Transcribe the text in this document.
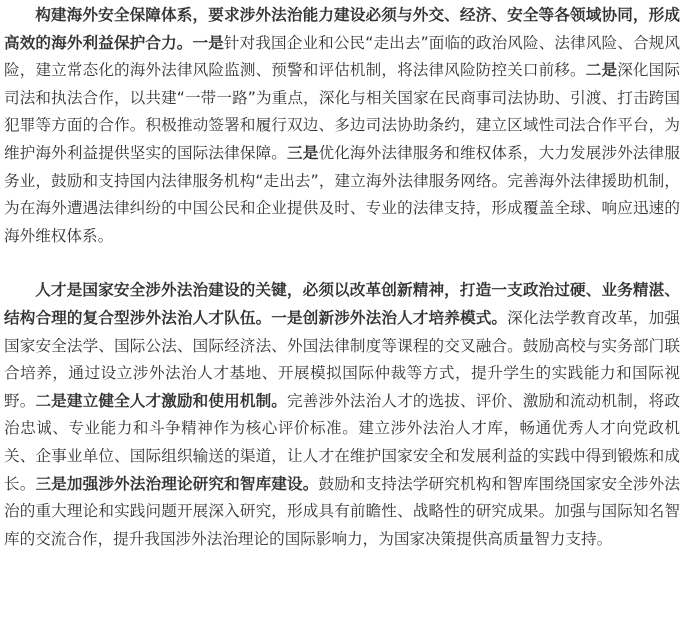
构建海外安全保障体系，要求涉外法治能力建设必须与外交、经济、安全等各领域协同，形成高效的海外利益保护合力。一是针对我国企业和公民“走出去”面临的政治风险、法律风险、合规风险，建立常态化的海外法律风险监测、预警和评估机制，将法律风险防控关口前移。二是深化国际司法和执法合作，以共建“一带一路”为重点，深化与相关国家在民商事司法协助、引渡、打击跨国犯罪等方面的合作。积极推动签署和履行双边、多边司法协助条约，建立区域性司法合作平台，为维护海外利益提供坚实的国际法律保障。三是优化海外法律服务和维权体系，大力发展涉外法律服务业，鼓励和支持国内法律服务机构“走出去”，建立海外法律服务网络。完善海外法律援助机制，为在海外遭遇法律纠纷的中国公民和企业提供及时、专业的法律支持，形成覆盖全球、响应迅速的海外维权体系。

人才是国家安全涉外法治建设的关键，必须以改革创新精神，打造一支政治过硬、业务精湛、结构合理的复合型涉外法治人才队伍。一是创新涉外法治人才培养模式。深化法学教育改革，加强国家安全法学、国际公法、国际经济法、外国法律制度等课程的交叉融合。鼓励高校与实务部门联合培养，通过设立涉外法治人才基地、开展模拟国际仲裁等方式，提升学生的实践能力和国际视野。二是建立健全人才激励和使用机制。完善涉外法治人才的选拔、评价、激励和流动机制，将政治忠诚、专业能力和斗争精神作为核心评价标准。建立涉外法治人才库，畅通优秀人才向党政机关、企事业单位、国际组织输送的渠道，让人才在维护国家安全和发展利益的实践中得到锻炼和成长。三是加强涉外法治理论研究和智库建设。鼓励和支持法学研究机构和智库围绕国家安全涉外法治的重大理论和实践问题开展深入研究，形成具有前瞻性、战略性的研究成果。加强与国际知名智库的交流合作，提升我国涉外法治理论的国际影响力，为国家决策提供高质量智力支持。
